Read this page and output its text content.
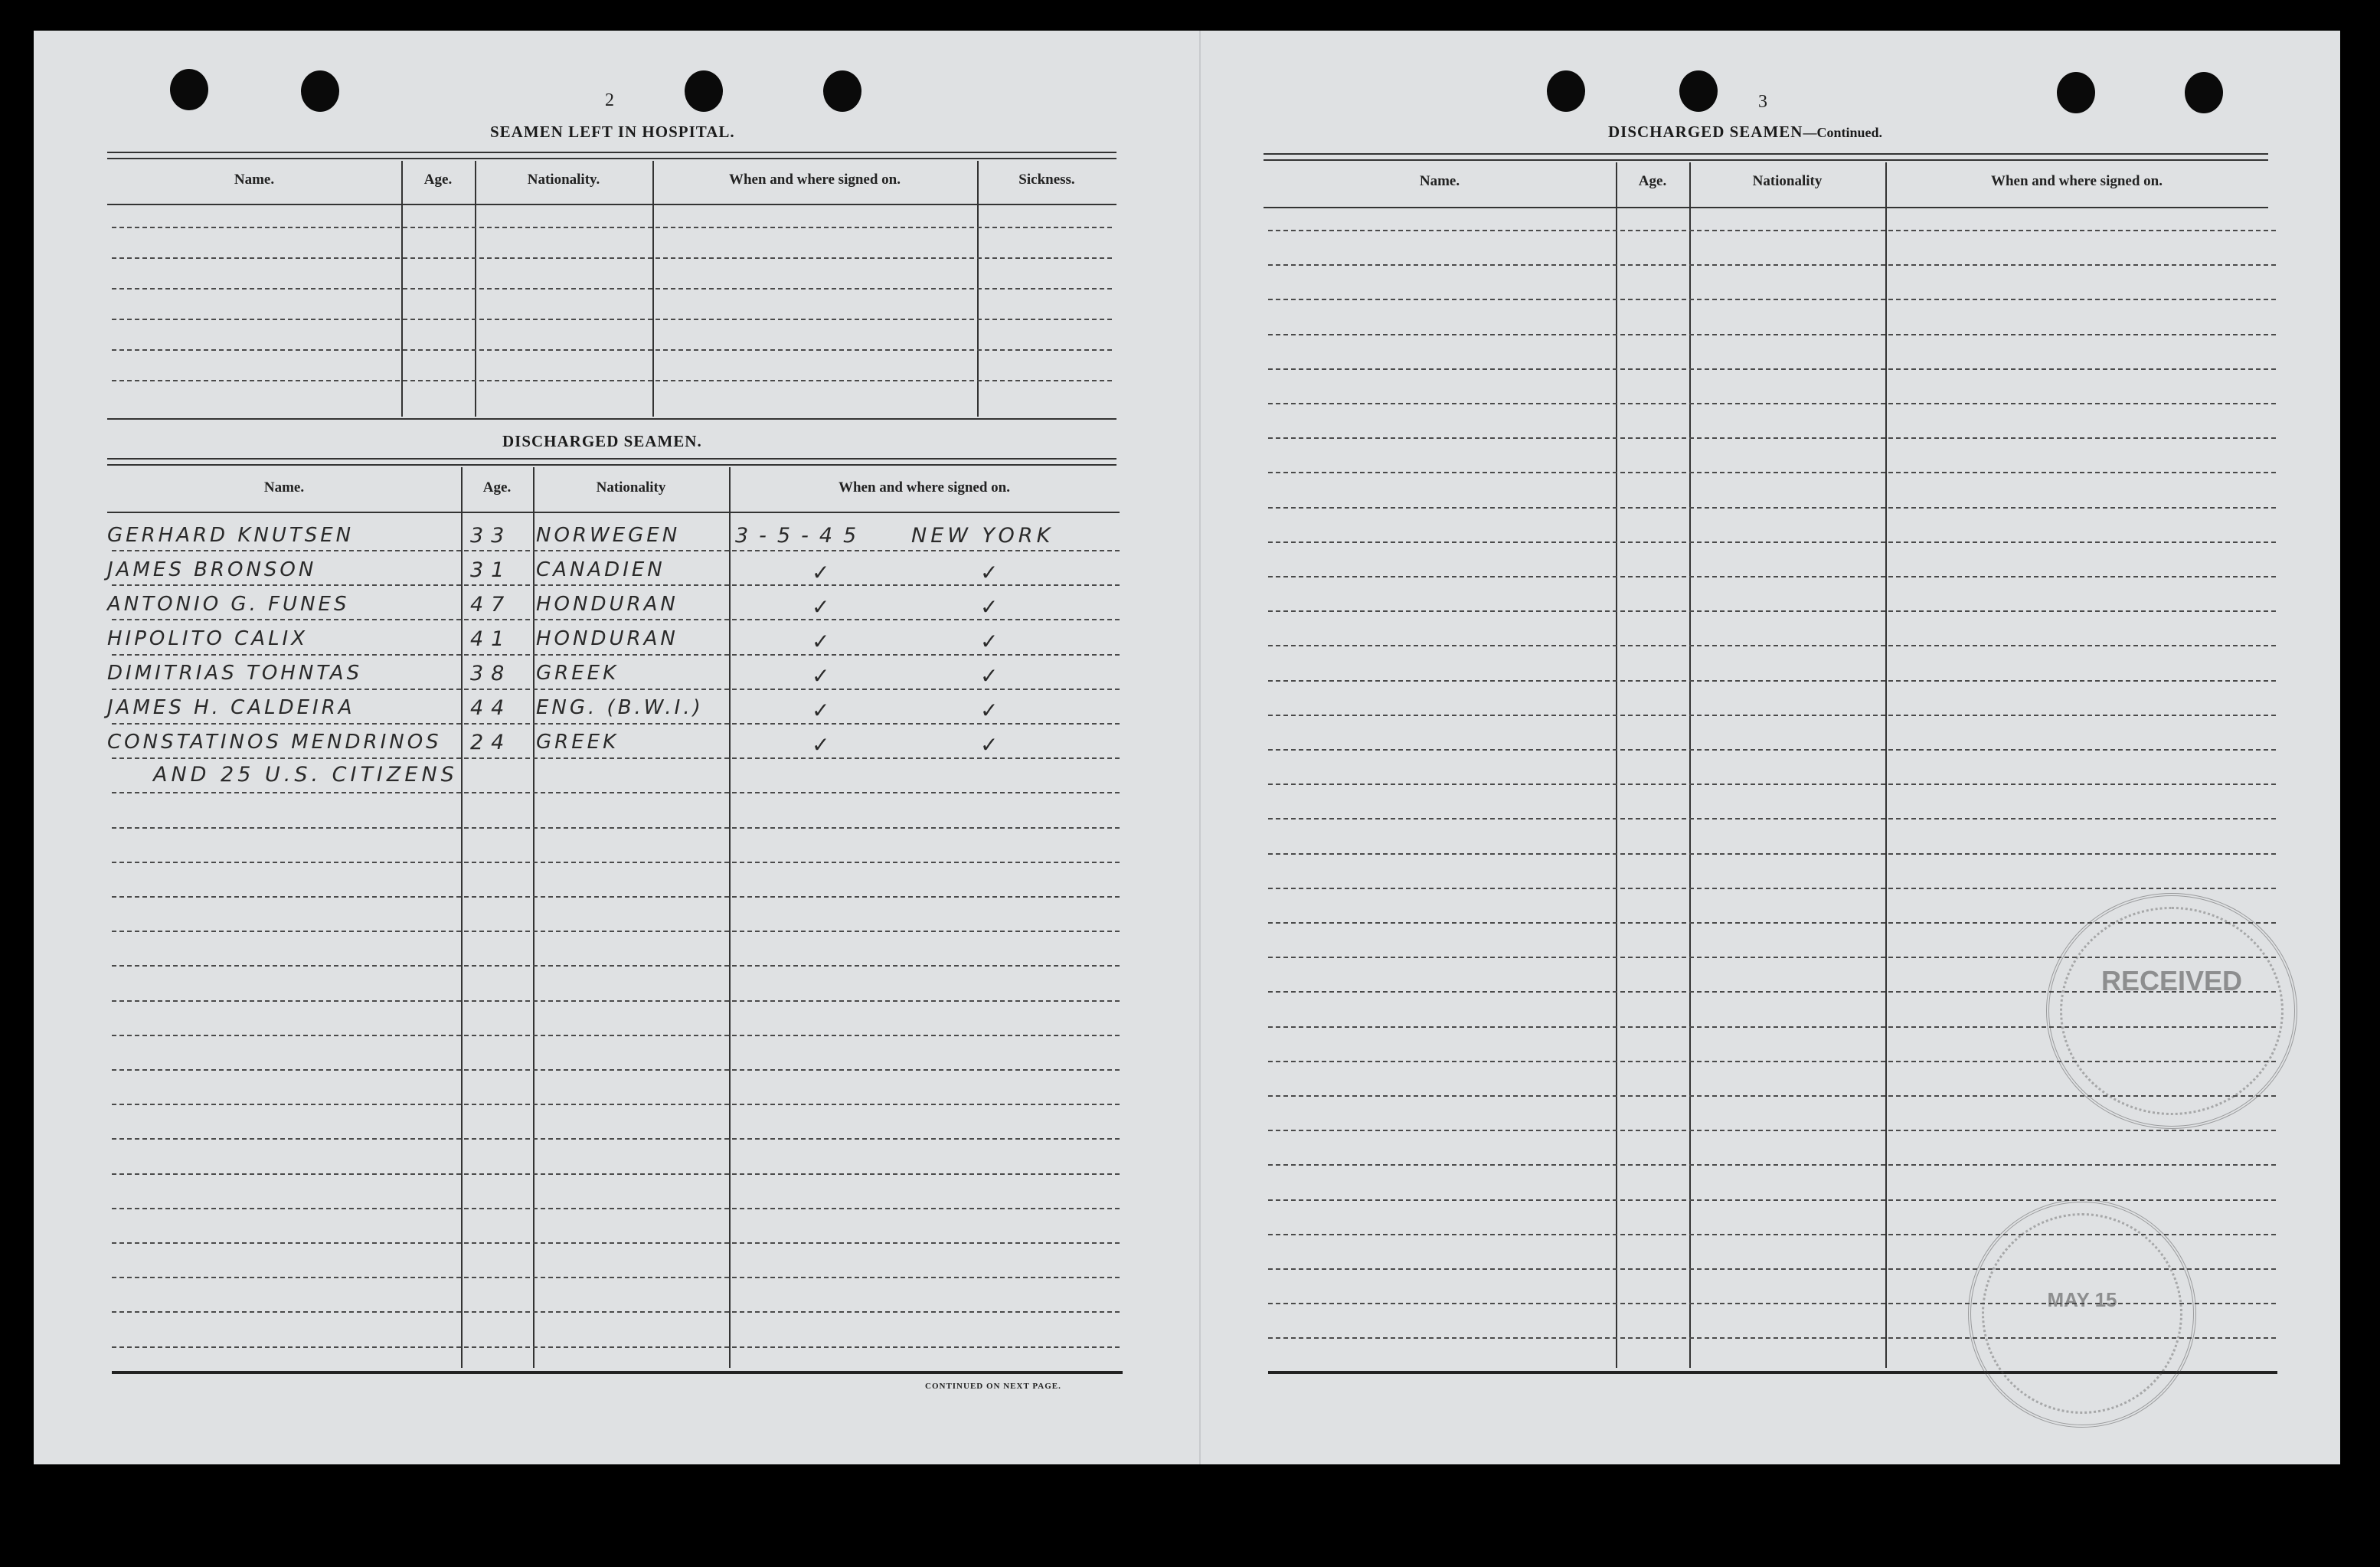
2
SEAMEN LEFT IN HOSPITAL.
Name.	Age.	Nationality.	When and where signed on.	Sickness.
DISCHARGED SEAMEN.
Name.	Age.	Nationality	When and where signed on.
GERHARD KNUTSEN	33 NORWEGEN	3-5-45 NEW YORK
JAMES BRONSON	31 CANADIEN	✓	✓
ANTONIO G. FUNES	47 HONDURAN	✓	✓
HIPOLITO CALIX	41 HONDURAN	✓	✓
DIMITRIAS TOHNTAS	38 GREEK	✓	✓
JAMES H. CALDEIRA	44 ENG. (B.W.I.)	✓	✓
CONSTATINOS MENDRINOS 24 GREEK	✓	✓
AND 25 U.S. CITIZENS
CONTINUED ON NEXT PAGE.
3
DISCHARGED SEAMEN—Continued.
Name.	Age.	Nationality	When and where signed on.
RECEIVED
MAY 15
